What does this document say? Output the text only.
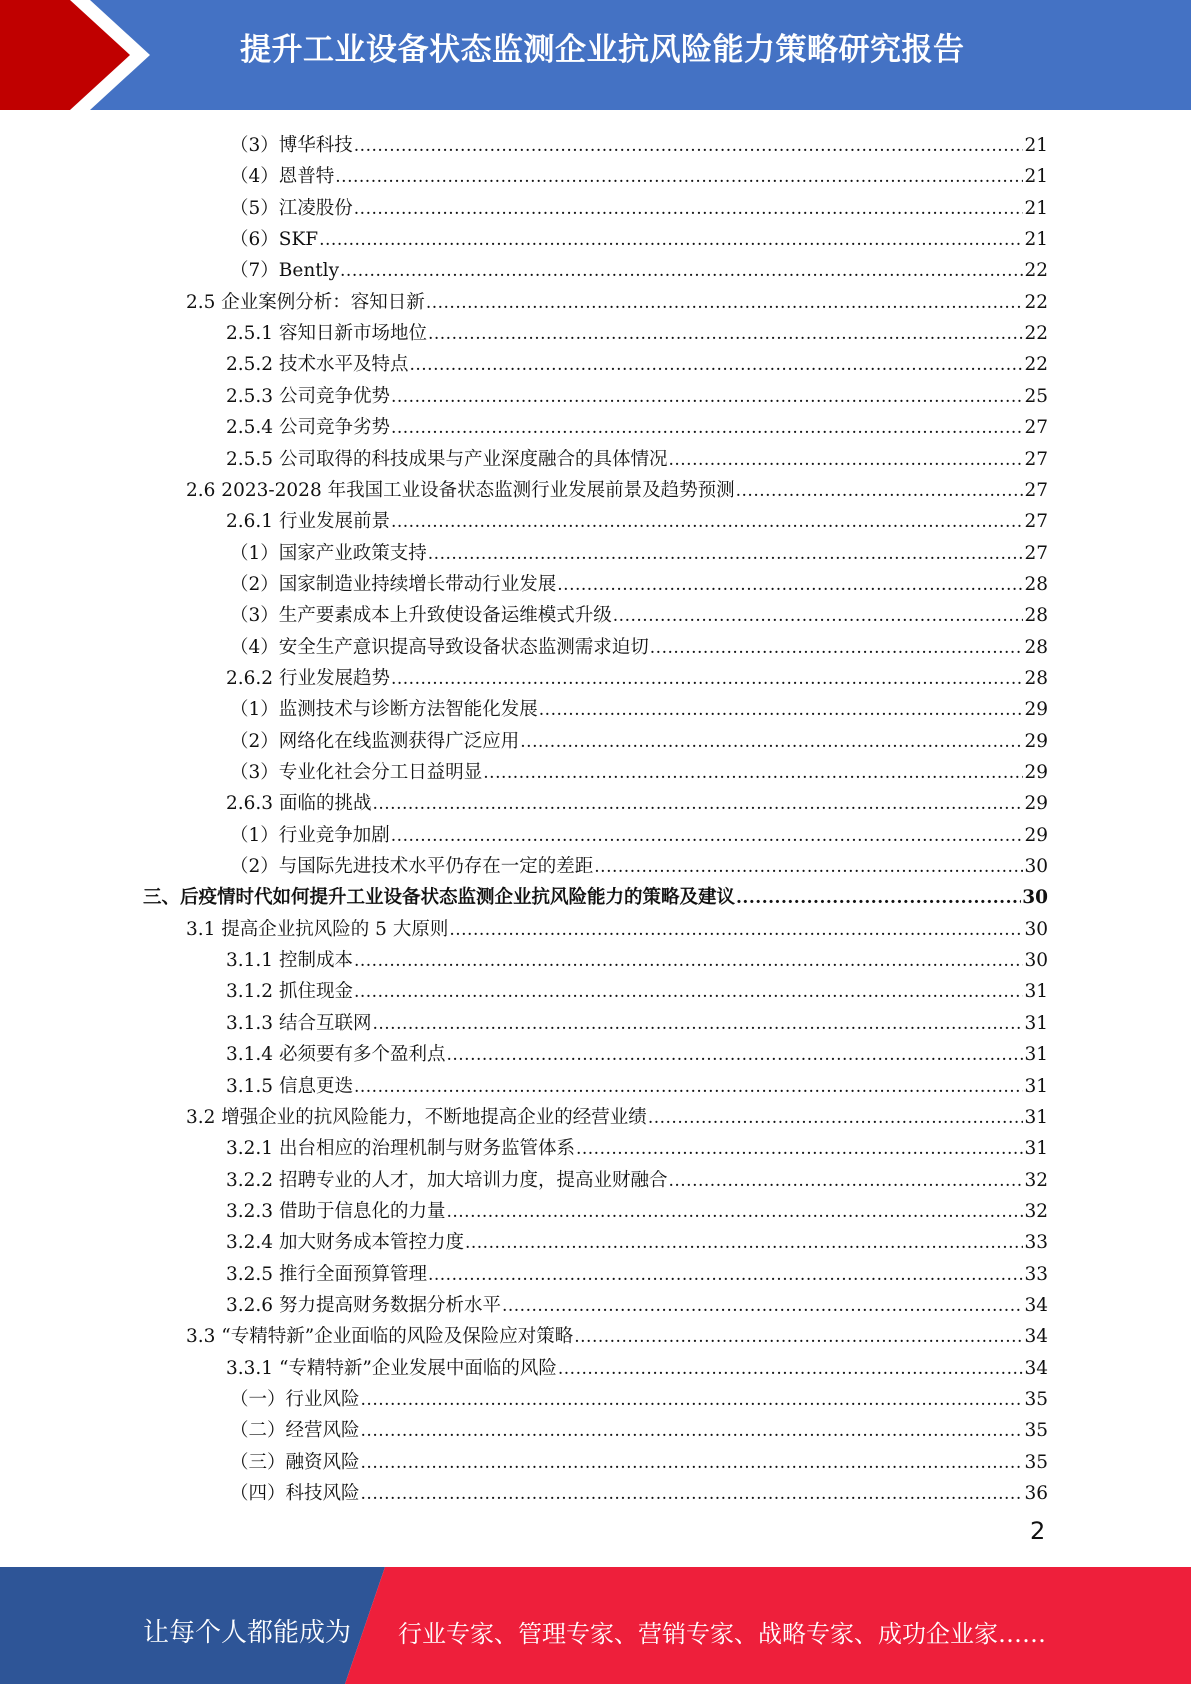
提升工业设备状态监测企业抗风险能力策略研究报告
（3）博华科技 .....	21
（4）恩普特 .....	21
（5）江凌股份 .....	21
（6）SKF .....	21
（7）Bently .....	22
2.5 企业案例分析：容知日新 .....	22
2.5.1 容知日新市场地位 .....	22
2.5.2 技术水平及特点 .....	22
2.5.3 公司竞争优势 .....	25
2.5.4 公司竞争劣势 .....	27
2.5.5 公司取得的科技成果与产业深度融合的具体情况 .....	27
2.6 2023-2028 年我国工业设备状态监测行业发展前景及趋势预测 .....	27
2.6.1 行业发展前景 .....	27
（1）国家产业政策支持 .....	27
（2）国家制造业持续增长带动行业发展 .....	28
（3）生产要素成本上升致使设备运维模式升级 .....	28
（4）安全生产意识提高导致设备状态监测需求迫切 .....	28
2.6.2 行业发展趋势 .....	28
（1）监测技术与诊断方法智能化发展 .....	29
（2）网络化在线监测获得广泛应用 .....	29
（3）专业化社会分工日益明显 .....	29
2.6.3 面临的挑战 .....	29
（1）行业竞争加剧 .....	29
（2）与国际先进技术水平仍存在一定的差距 .....	30
三、后疫情时代如何提升工业设备状态监测企业抗风险能力的策略及建议 .....	30
3.1 提高企业抗风险的 5 大原则 .....	30
3.1.1 控制成本 .....	30
3.1.2 抓住现金 .....	31
3.1.3 结合互联网 .....	31
3.1.4 必须要有多个盈利点 .....	31
3.1.5 信息更迭 .....	31
3.2 增强企业的抗风险能力，不断地提高企业的经营业绩 .....	31
3.2.1 出台相应的治理机制与财务监管体系 .....	31
3.2.2 招聘专业的人才，加大培训力度，提高业财融合 .....	32
3.2.3 借助于信息化的力量 .....	32
3.2.4 加大财务成本管控力度 .....	33
3.2.5 推行全面预算管理 .....	33
3.2.6 努力提高财务数据分析水平 .....	34
3.3 “专精特新”企业面临的风险及保险应对策略 .....	34
3.3.1 “专精特新”企业发展中面临的风险 .....	34
（一）行业风险 .....	35
（二）经营风险 .....	35
（三）融资风险 .....	35
（四）科技风险 .....	36
2
让每个人都能成为 行业专家、管理专家、营销专家、战略专家、成功企业家……
